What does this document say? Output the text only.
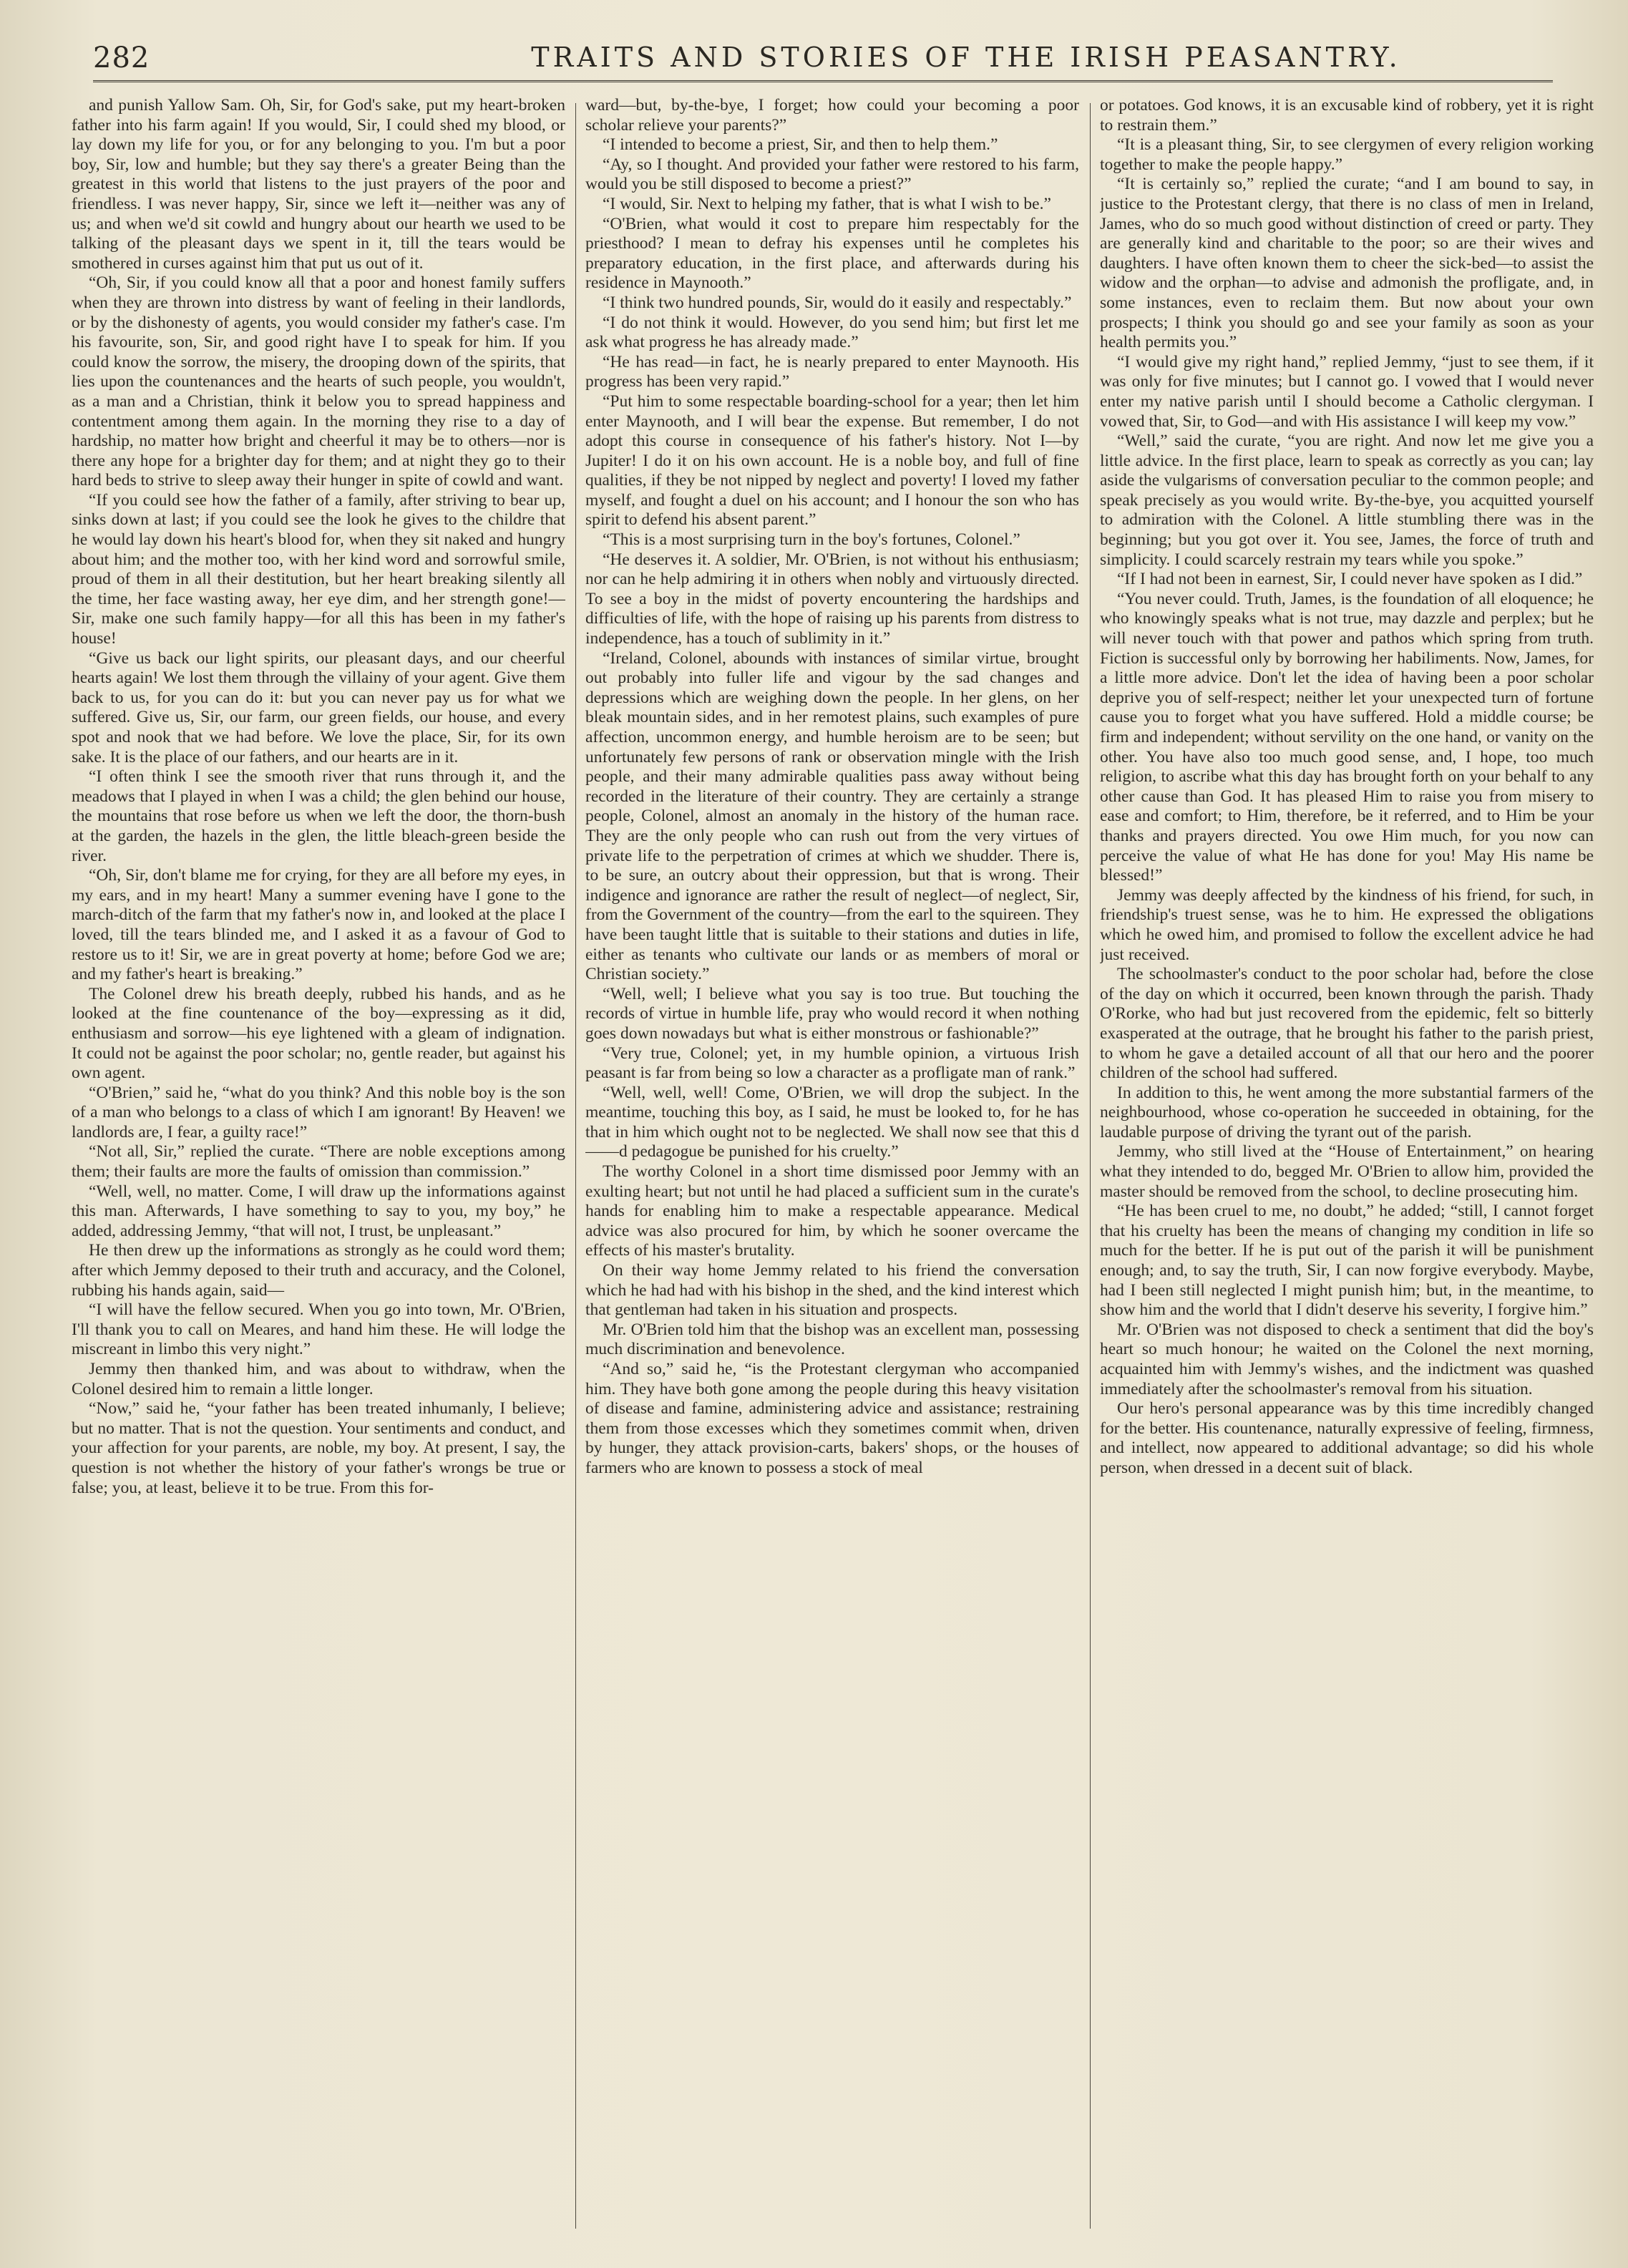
282	TRAITS AND STORIES OF THE IRISH PEASANTRY.

and punish Yallow Sam. Oh, Sir, for God's sake, put my heart-broken father into his farm again! If you would, Sir, I could shed my blood, or lay down my life for you, or for any belonging to you. I'm but a poor boy, Sir, low and humble; but they say there's a greater Being than the greatest in this world that listens to the just prayers of the poor and friendless. I was never happy, Sir, since we left it—neither was any of us; and when we'd sit cowld and hungry about our hearth we used to be talking of the pleasant days we spent in it, till the tears would be smothered in curses against him that put us out of it.

“Oh, Sir, if you could know all that a poor and honest family suffers when they are thrown into distress by want of feeling in their landlords, or by the dishonesty of agents, you would consider my father's case. I'm his favourite, son, Sir, and good right have I to speak for him. If you could know the sorrow, the misery, the drooping down of the spirits, that lies upon the countenances and the hearts of such people, you wouldn't, as a man and a Christian, think it below you to spread happiness and contentment among them again. In the morning they rise to a day of hardship, no matter how bright and cheerful it may be to others—nor is there any hope for a brighter day for them; and at night they go to their hard beds to strive to sleep away their hunger in spite of cowld and want.

“If you could see how the father of a family, after striving to bear up, sinks down at last; if you could see the look he gives to the childre that he would lay down his heart's blood for, when they sit naked and hungry about him; and the mother too, with her kind word and sorrowful smile, proud of them in all their destitution, but her heart breaking silently all the time, her face wasting away, her eye dim, and her strength gone!—Sir, make one such family happy—for all this has been in my father's house!

“Give us back our light spirits, our pleasant days, and our cheerful hearts again! We lost them through the villainy of your agent. Give them back to us, for you can do it: but you can never pay us for what we suffered. Give us, Sir, our farm, our green fields, our house, and every spot and nook that we had before. We love the place, Sir, for its own sake. It is the place of our fathers, and our hearts are in it.

“I often think I see the smooth river that runs through it, and the meadows that I played in when I was a child; the glen behind our house, the mountains that rose before us when we left the door, the thorn-bush at the garden, the hazels in the glen, the little bleach-green beside the river.

“Oh, Sir, don't blame me for crying, for they are all before my eyes, in my ears, and in my heart! Many a summer evening have I gone to the march-ditch of the farm that my father's now in, and looked at the place I loved, till the tears blinded me, and I asked it as a favour of God to restore us to it! Sir, we are in great poverty at home; before God we are; and my father's heart is breaking.”

The Colonel drew his breath deeply, rubbed his hands, and as he looked at the fine countenance of the boy—expressing as it did, enthusiasm and sorrow—his eye lightened with a gleam of indignation. It could not be against the poor scholar; no, gentle reader, but against his own agent.

“O'Brien,” said he, “what do you think? And this noble boy is the son of a man who belongs to a class of which I am ignorant! By Heaven! we landlords are, I fear, a guilty race!”

“Not all, Sir,” replied the curate. “There are noble exceptions among them; their faults are more the faults of omission than commission.”

“Well, well, no matter. Come, I will draw up the informations against this man. Afterwards, I have something to say to you, my boy,” he added, addressing Jemmy, “that will not, I trust, be unpleasant.”

He then drew up the informations as strongly as he could word them; after which Jemmy deposed to their truth and accuracy, and the Colonel, rubbing his hands again, said—

“I will have the fellow secured. When you go into town, Mr. O'Brien, I'll thank you to call on Meares, and hand him these. He will lodge the miscreant in limbo this very night.”

Jemmy then thanked him, and was about to withdraw, when the Colonel desired him to remain a little longer.

“Now,” said he, “your father has been treated inhumanly, I believe; but no matter. That is not the question. Your sentiments and conduct, and your affection for your parents, are noble, my boy. At present, I say, the question is not whether the history of your father's wrongs be true or false; you, at least, believe it to be true. From this for-

ward—but, by-the-bye, I forget; how could your becoming a poor scholar relieve your parents?”

“I intended to become a priest, Sir, and then to help them.”

“Ay, so I thought. And provided your father were restored to his farm, would you be still disposed to become a priest?”

“I would, Sir. Next to helping my father, that is what I wish to be.”

“O'Brien, what would it cost to prepare him respectably for the priesthood? I mean to defray his expenses until he completes his preparatory education, in the first place, and afterwards during his residence in Maynooth.”

“I think two hundred pounds, Sir, would do it easily and respectably.”

“I do not think it would. However, do you send him; but first let me ask what progress he has already made.”

“He has read—in fact, he is nearly prepared to enter Maynooth. His progress has been very rapid.”

“Put him to some respectable boarding-school for a year; then let him enter Maynooth, and I will bear the expense. But remember, I do not adopt this course in consequence of his father's history. Not I—by Jupiter! I do it on his own account. He is a noble boy, and full of fine qualities, if they be not nipped by neglect and poverty! I loved my father myself, and fought a duel on his account; and I honour the son who has spirit to defend his absent parent.”

“This is a most surprising turn in the boy's fortunes, Colonel.”

“He deserves it. A soldier, Mr. O'Brien, is not without his enthusiasm; nor can he help admiring it in others when nobly and virtuously directed. To see a boy in the midst of poverty encountering the hardships and difficulties of life, with the hope of raising up his parents from distress to independence, has a touch of sublimity in it.”

“Ireland, Colonel, abounds with instances of similar virtue, brought out probably into fuller life and vigour by the sad changes and depressions which are weighing down the people. In her glens, on her bleak mountain sides, and in her remotest plains, such examples of pure affection, uncommon energy, and humble heroism are to be seen; but unfortunately few persons of rank or observation mingle with the Irish people, and their many admirable qualities pass away without being recorded in the literature of their country. They are certainly a strange people, Colonel, almost an anomaly in the history of the human race. They are the only people who can rush out from the very virtues of private life to the perpetration of crimes at which we shudder. There is, to be sure, an outcry about their oppression, but that is wrong. Their indigence and ignorance are rather the result of neglect—of neglect, Sir, from the Government of the country—from the earl to the squireen. They have been taught little that is suitable to their stations and duties in life, either as tenants who cultivate our lands or as members of moral or Christian society.”

“Well, well; I believe what you say is too true. But touching the records of virtue in humble life, pray who would record it when nothing goes down nowadays but what is either monstrous or fashionable?”

“Very true, Colonel; yet, in my humble opinion, a virtuous Irish peasant is far from being so low a character as a profligate man of rank.”

“Well, well, well! Come, O'Brien, we will drop the subject. In the meantime, touching this boy, as I said, he must be looked to, for he has that in him which ought not to be neglected. We shall now see that this d——d pedagogue be punished for his cruelty.”

The worthy Colonel in a short time dismissed poor Jemmy with an exulting heart; but not until he had placed a sufficient sum in the curate's hands for enabling him to make a respectable appearance. Medical advice was also procured for him, by which he sooner overcame the effects of his master's brutality.

On their way home Jemmy related to his friend the conversation which he had had with his bishop in the shed, and the kind interest which that gentleman had taken in his situation and prospects.

Mr. O'Brien told him that the bishop was an excellent man, possessing much discrimination and benevolence.

“And so,” said he, “is the Protestant clergyman who accompanied him. They have both gone among the people during this heavy visitation of disease and famine, administering advice and assistance; restraining them from those excesses which they sometimes commit when, driven by hunger, they attack provision-carts, bakers' shops, or the houses of farmers who are known to possess a stock of meal

or potatoes. God knows, it is an excusable kind of robbery, yet it is right to restrain them.”

“It is a pleasant thing, Sir, to see clergymen of every religion working together to make the people happy.”

“It is certainly so,” replied the curate; “and I am bound to say, in justice to the Protestant clergy, that there is no class of men in Ireland, James, who do so much good without distinction of creed or party. They are generally kind and charitable to the poor; so are their wives and daughters. I have often known them to cheer the sick-bed—to assist the widow and the orphan—to advise and admonish the profligate, and, in some instances, even to reclaim them. But now about your own prospects; I think you should go and see your family as soon as your health permits you.”

“I would give my right hand,” replied Jemmy, “just to see them, if it was only for five minutes; but I cannot go. I vowed that I would never enter my native parish until I should become a Catholic clergyman. I vowed that, Sir, to God—and with His assistance I will keep my vow.”

“Well,” said the curate, “you are right. And now let me give you a little advice. In the first place, learn to speak as correctly as you can; lay aside the vulgarisms of conversation peculiar to the common people; and speak precisely as you would write. By-the-bye, you acquitted yourself to admiration with the Colonel. A little stumbling there was in the beginning; but you got over it. You see, James, the force of truth and simplicity. I could scarcely restrain my tears while you spoke.”

“If I had not been in earnest, Sir, I could never have spoken as I did.”

“You never could. Truth, James, is the foundation of all eloquence; he who knowingly speaks what is not true, may dazzle and perplex; but he will never touch with that power and pathos which spring from truth. Fiction is successful only by borrowing her habiliments. Now, James, for a little more advice. Don't let the idea of having been a poor scholar deprive you of self-respect; neither let your unexpected turn of fortune cause you to forget what you have suffered. Hold a middle course; be firm and independent; without servility on the one hand, or vanity on the other. You have also too much good sense, and, I hope, too much religion, to ascribe what this day has brought forth on your behalf to any other cause than God. It has pleased Him to raise you from misery to ease and comfort; to Him, therefore, be it referred, and to Him be your thanks and prayers directed. You owe Him much, for you now can perceive the value of what He has done for you! May His name be blessed!”

Jemmy was deeply affected by the kindness of his friend, for such, in friendship's truest sense, was he to him. He expressed the obligations which he owed him, and promised to follow the excellent advice he had just received.

The schoolmaster's conduct to the poor scholar had, before the close of the day on which it occurred, been known through the parish. Thady O'Rorke, who had but just recovered from the epidemic, felt so bitterly exasperated at the outrage, that he brought his father to the parish priest, to whom he gave a detailed account of all that our hero and the poorer children of the school had suffered.

In addition to this, he went among the more substantial farmers of the neighbourhood, whose co-operation he succeeded in obtaining, for the laudable purpose of driving the tyrant out of the parish.

Jemmy, who still lived at the “House of Entertainment,” on hearing what they intended to do, begged Mr. O'Brien to allow him, provided the master should be removed from the school, to decline prosecuting him.

“He has been cruel to me, no doubt,” he added; “still, I cannot forget that his cruelty has been the means of changing my condition in life so much for the better. If he is put out of the parish it will be punishment enough; and, to say the truth, Sir, I can now forgive everybody. Maybe, had I been still neglected I might punish him; but, in the meantime, to show him and the world that I didn't deserve his severity, I forgive him.”

Mr. O'Brien was not disposed to check a sentiment that did the boy's heart so much honour; he waited on the Colonel the next morning, acquainted him with Jemmy's wishes, and the indictment was quashed immediately after the schoolmaster's removal from his situation.

Our hero's personal appearance was by this time incredibly changed for the better. His countenance, naturally expressive of feeling, firmness, and intellect, now appeared to additional advantage; so did his whole person, when dressed in a decent suit of black.
